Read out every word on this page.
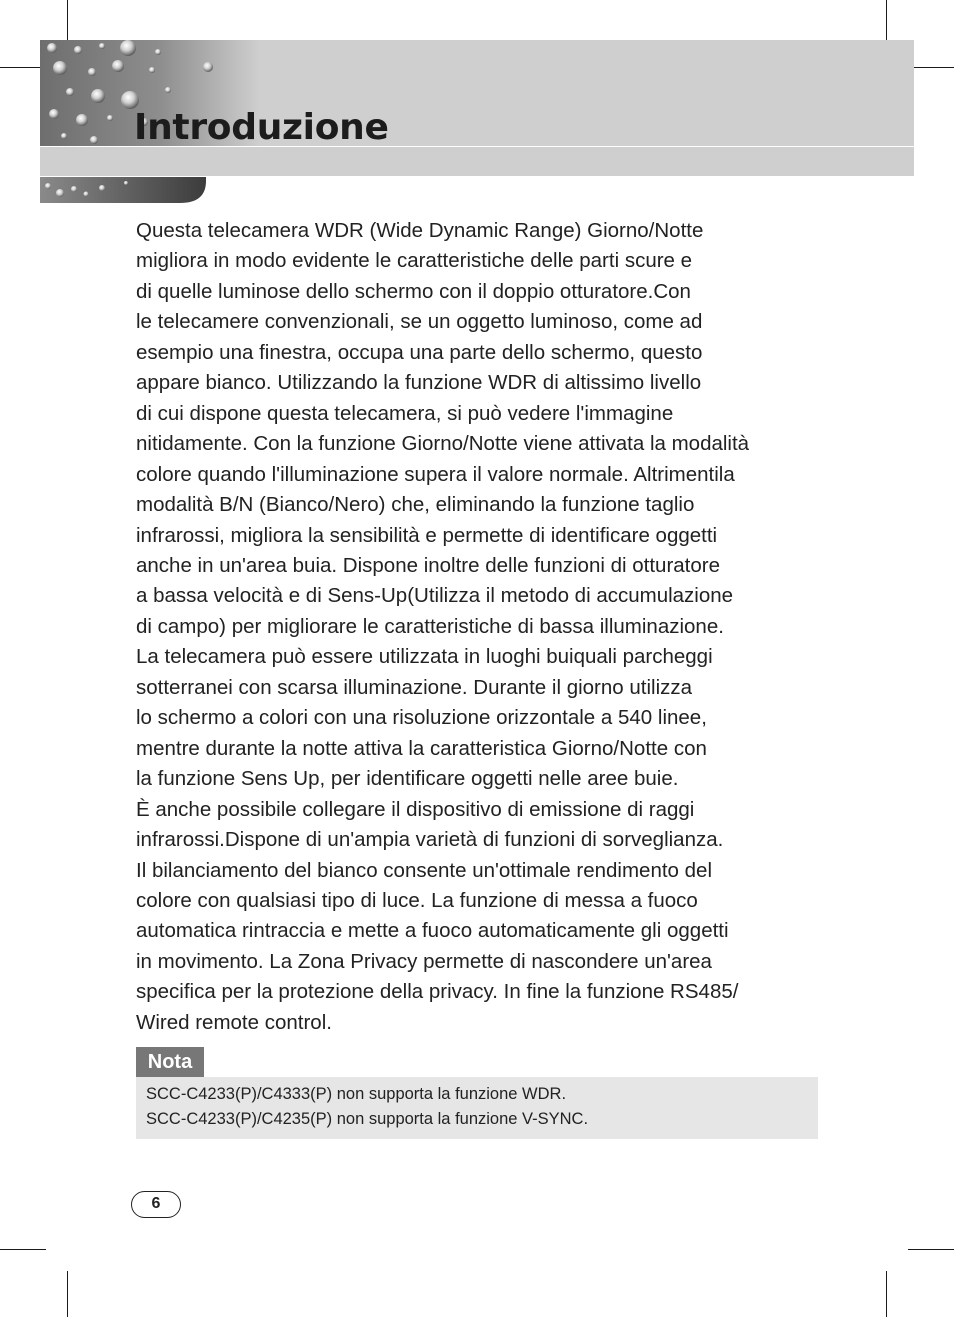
Introduzione

Questa telecamera WDR (Wide Dynamic Range) Giorno/Notte
migliora in modo evidente le caratteristiche delle parti scure e
di quelle luminose dello schermo con il doppio otturatore.Con
le telecamere convenzionali, se un oggetto luminoso, come ad
esempio una finestra, occupa una parte dello schermo, questo
appare bianco. Utilizzando la funzione WDR di altissimo livello
di cui dispone questa telecamera, si può vedere l'immagine
nitidamente. Con la funzione Giorno/Notte viene attivata la modalità
colore quando l'illuminazione supera il valore normale. Altrimentila
modalità B/N (Bianco/Nero) che, eliminando la funzione taglio
infrarossi, migliora la sensibilità e permette di identificare oggetti
anche in un'area buia. Dispone inoltre delle funzioni di otturatore
a bassa velocità e di Sens-Up(Utilizza il metodo di accumulazione
di campo) per migliorare le caratteristiche di bassa illuminazione.
La telecamera può essere utilizzata in luoghi buiquali parcheggi
sotterranei con scarsa illuminazione. Durante il giorno utilizza
lo schermo a colori con una risoluzione orizzontale a 540 linee,
mentre durante la notte attiva la caratteristica Giorno/Notte con
la funzione Sens Up, per identificare oggetti nelle aree buie.
È anche possibile collegare il dispositivo di emissione di raggi
infrarossi.Dispone di un'ampia varietà di funzioni di sorveglianza.
Il bilanciamento del bianco consente un'ottimale rendimento del
colore con qualsiasi tipo di luce. La funzione di messa a fuoco
automatica rintraccia e mette a fuoco automaticamente gli oggetti
in movimento. La Zona Privacy permette di nascondere un'area
specifica per la protezione della privacy. In fine la funzione RS485/
Wired remote control.

Nota
SCC-C4233(P)/C4333(P) non supporta la funzione WDR.
SCC-C4233(P)/C4235(P) non supporta la funzione V-SYNC.
6
